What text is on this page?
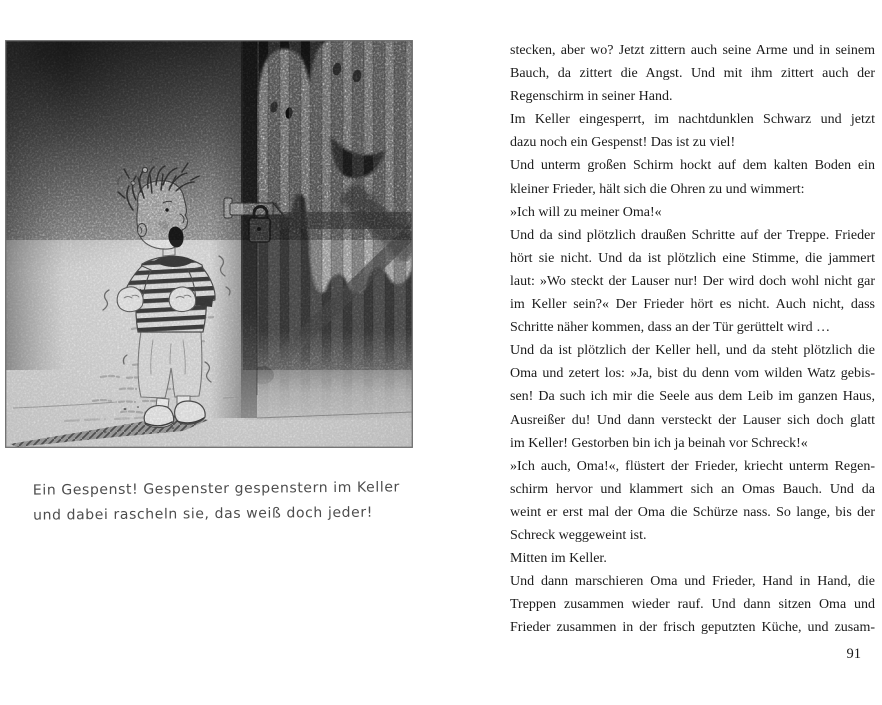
Ein Gespenst! Gespenster gespenstern im Keller
und dabei rascheln sie, das weiß doch jeder!
stecken, aber wo? Jetzt zittern auch seine Arme und in seinem
Bauch, da zittert die Angst. Und mit ihm zittert auch der
Regenschirm in seiner Hand.
Im Keller eingesperrt, im nachtdunklen Schwarz und jetzt
dazu noch ein Gespenst! Das ist zu viel!
Und unterm großen Schirm hockt auf dem kalten Boden ein
kleiner Frieder, hält sich die Ohren zu und wimmert:
»Ich will zu meiner Oma!«
Und da sind plötzlich draußen Schritte auf der Treppe. Frieder
hört sie nicht. Und da ist plötzlich eine Stimme, die jammert
laut: »Wo steckt der Lauser nur! Der wird doch wohl nicht gar
im Keller sein?« Der Frieder hört es nicht. Auch nicht, dass
Schritte näher kommen, dass an der Tür gerüttelt wird …
Und da ist plötzlich der Keller hell, und da steht plötzlich die
Oma und zetert los: »Ja, bist du denn vom wilden Watz gebis-
sen! Da such ich mir die Seele aus dem Leib im ganzen Haus,
Ausreißer du! Und dann versteckt der Lauser sich doch glatt
im Keller! Gestorben bin ich ja beinah vor Schreck!«
»Ich auch, Oma!«, flüstert der Frieder, kriecht unterm Regen-
schirm hervor und klammert sich an Omas Bauch. Und da
weint er erst mal der Oma die Schürze nass. So lange, bis der
Schreck weggeweint ist.
Mitten im Keller.
Und dann marschieren Oma und Frieder, Hand in Hand, die
Treppen zusammen wieder rauf. Und dann sitzen Oma und
Frieder zusammen in der frisch geputzten Küche, und zusam-
91
